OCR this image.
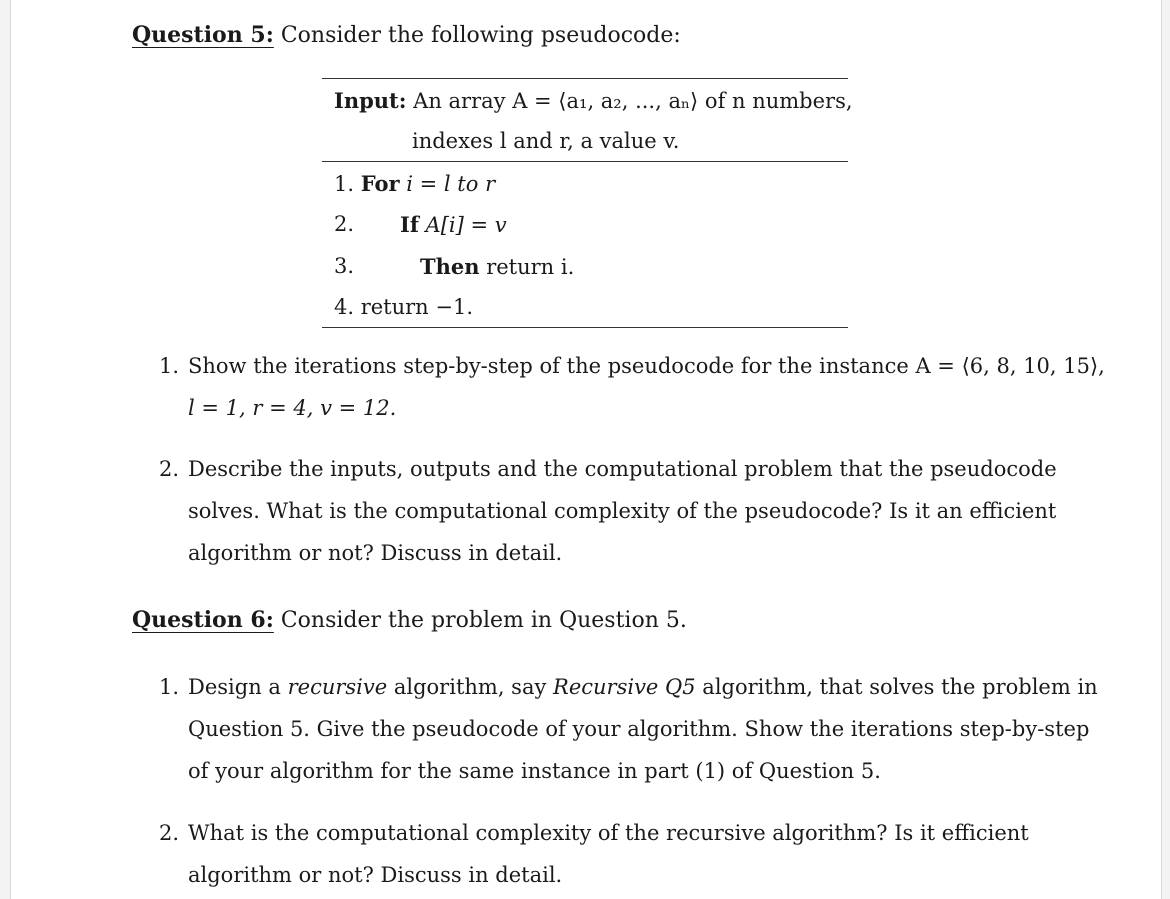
Question 5: Consider the following pseudocode:
Input: An array A = ⟨a₁, a₂, ..., aₙ⟩ of n numbers,
indexes l and r, a value v.
1. For i = l to r
2. If A[i] = v
3.	Then return i.
4. return −1.
1. Show the iterations step-by-step of the pseudocode for the instance A = ⟨6, 8, 10, 15⟩,
l = 1, r = 4, v = 12.
2. Describe the inputs, outputs and the computational problem that the pseudocode
solves. What is the computational complexity of the pseudocode? Is it an efficient
algorithm or not? Discuss in detail.
Question 6: Consider the problem in Question 5.
1. Design a recursive algorithm, say Recursive Q5 algorithm, that solves the problem in
Question 5. Give the pseudocode of your algorithm. Show the iterations step-by-step
of your algorithm for the same instance in part (1) of Question 5.
2. What is the computational complexity of the recursive algorithm? Is it efficient
algorithm or not? Discuss in detail.
